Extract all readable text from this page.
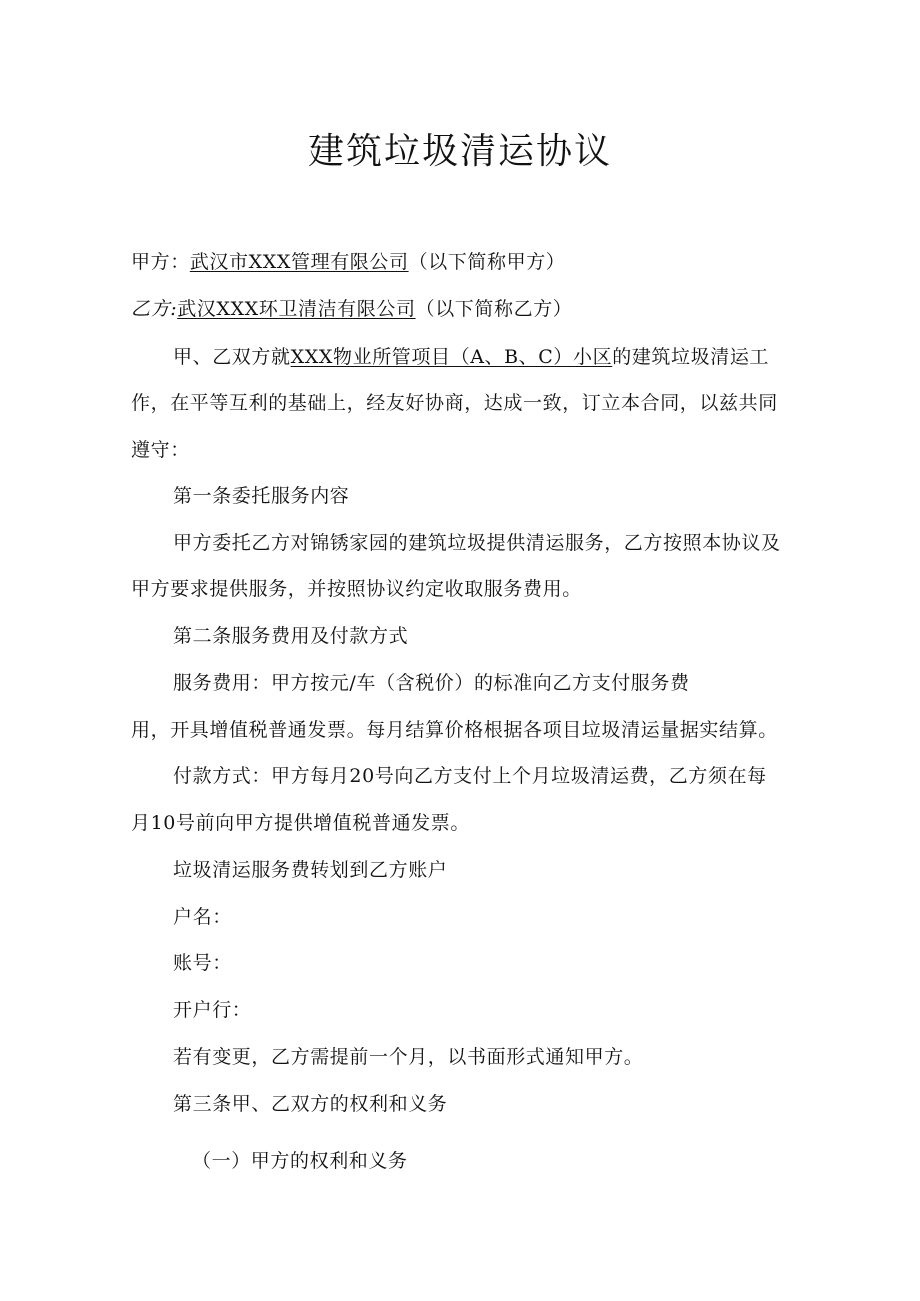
建筑垃圾清运协议
甲方：武汉市XXX管理有限公司（以下简称甲方）
乙方:武汉XXX环卫清洁有限公司（以下简称乙方）
甲、乙双方就XXX物业所管项目（A、B、C）小区的建筑垃圾清运工
作，在平等互利的基础上，经友好协商，达成一致，订立本合同，以兹共同
遵守：
第一条委托服务内容
甲方委托乙方对锦锈家园的建筑垃圾提供清运服务，乙方按照本协议及
甲方要求提供服务，并按照协议约定收取服务费用。
第二条服务费用及付款方式
服务费用：甲方按元/车（含税价）的标准向乙方支付服务费
用，开具增值税普通发票。每月结算价格根据各项目垃圾清运量据实结算。
付款方式：甲方每月20号向乙方支付上个月垃圾清运费，乙方须在每
月10号前向甲方提供增值税普通发票。
垃圾清运服务费转划到乙方账户
户名：
账号：
开户行：
若有变更，乙方需提前一个月，以书面形式通知甲方。
第三条甲、乙双方的权利和义务
（一）甲方的权利和义务
